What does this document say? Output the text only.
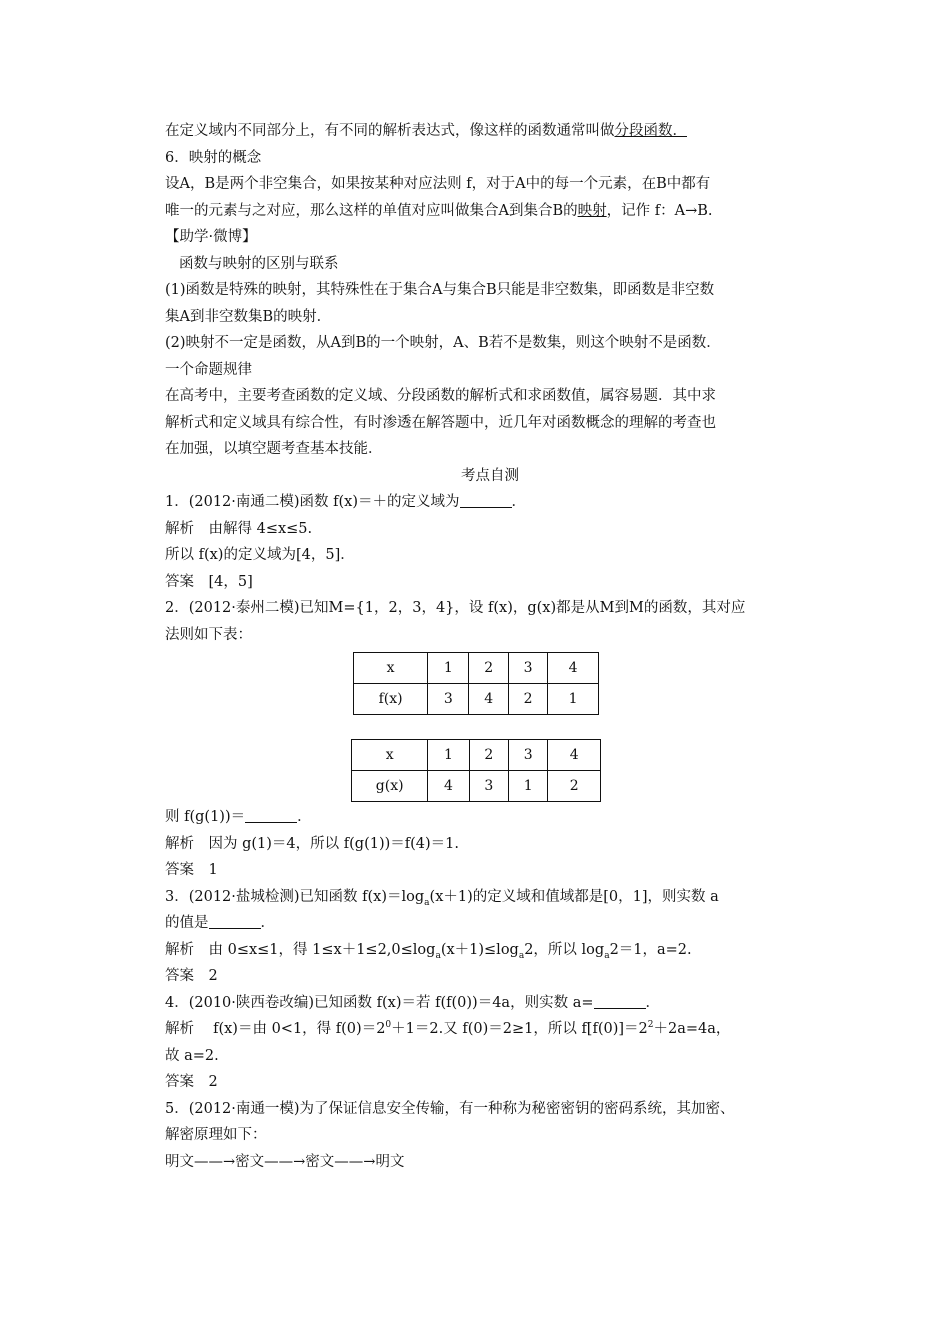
在定义域内不同部分上，有不同的解析表达式，像这样的函数通常叫做分段函数．
6．映射的概念
设A，B是两个非空集合，如果按某种对应法则 f，对于A中的每一个元素，在B中都有
唯一的元素与之对应，那么这样的单值对应叫做集合A到集合B的映射，记作 f：A→B.
【助学·微博】
函数与映射的区别与联系
(1)函数是特殊的映射，其特殊性在于集合A与集合B只能是非空数集，即函数是非空数
集A到非空数集B的映射．
(2)映射不一定是函数，从A到B的一个映射，A、B若不是数集，则这个映射不是函数．
一个命题规律
在高考中，主要考查函数的定义域、分段函数的解析式和求函数值，属容易题．其中求
解析式和定义域具有综合性，有时渗透在解答题中，近几年对函数概念的理解的考查也
在加强，以填空题考查基本技能．
考点自测
1．(2012·南通二模)函数 f(x)＝＋的定义域为	．
解析　由解得 4≤x≤5.
所以 f(x)的定义域为[4，5]．
答案　[4，5]
2．(2012·泰州二模)已知M={1，2，3，4}，设 f(x)，g(x)都是从M到M的函数，其对应
法则如下表：
x	1	2	3	4
f(x)	3	4	2	1
x	1	2	3	4
g(x)	4	3	1	2
则 f(g(1))＝	．
解析　因为 g(1)＝4，所以 f(g(1))＝f(4)＝1.
答案　1
3．(2012·盐城检测)已知函数 $f(x)=\log_a(x+1)$的定义域和值域都是[0，1]，则实数 a
的值是	．
解析　由 0≤x≤1，得 $1\le x+1\le 2,0\le\log_a(x+1)\le\log_a2$，所以 $\log_a2=1$，a=2.
答案　2
4．(2010·陕西卷改编)已知函数 f(x)＝若 f(f(0))＝4a，则实数 a=	．
解析　 f(x)＝由 0<1，得 $f(0)=2^0+1=2$.又 f(0)＝2≥1，所以 $f[f(0)]=2^2+2a=4a$，
故 a=2.
答案　2
5．(2012·南通一模)为了保证信息安全传输，有一种称为秘密密钥的密码系统，其加密、
解密原理如下：
明文——→密文——→密文——→明文
